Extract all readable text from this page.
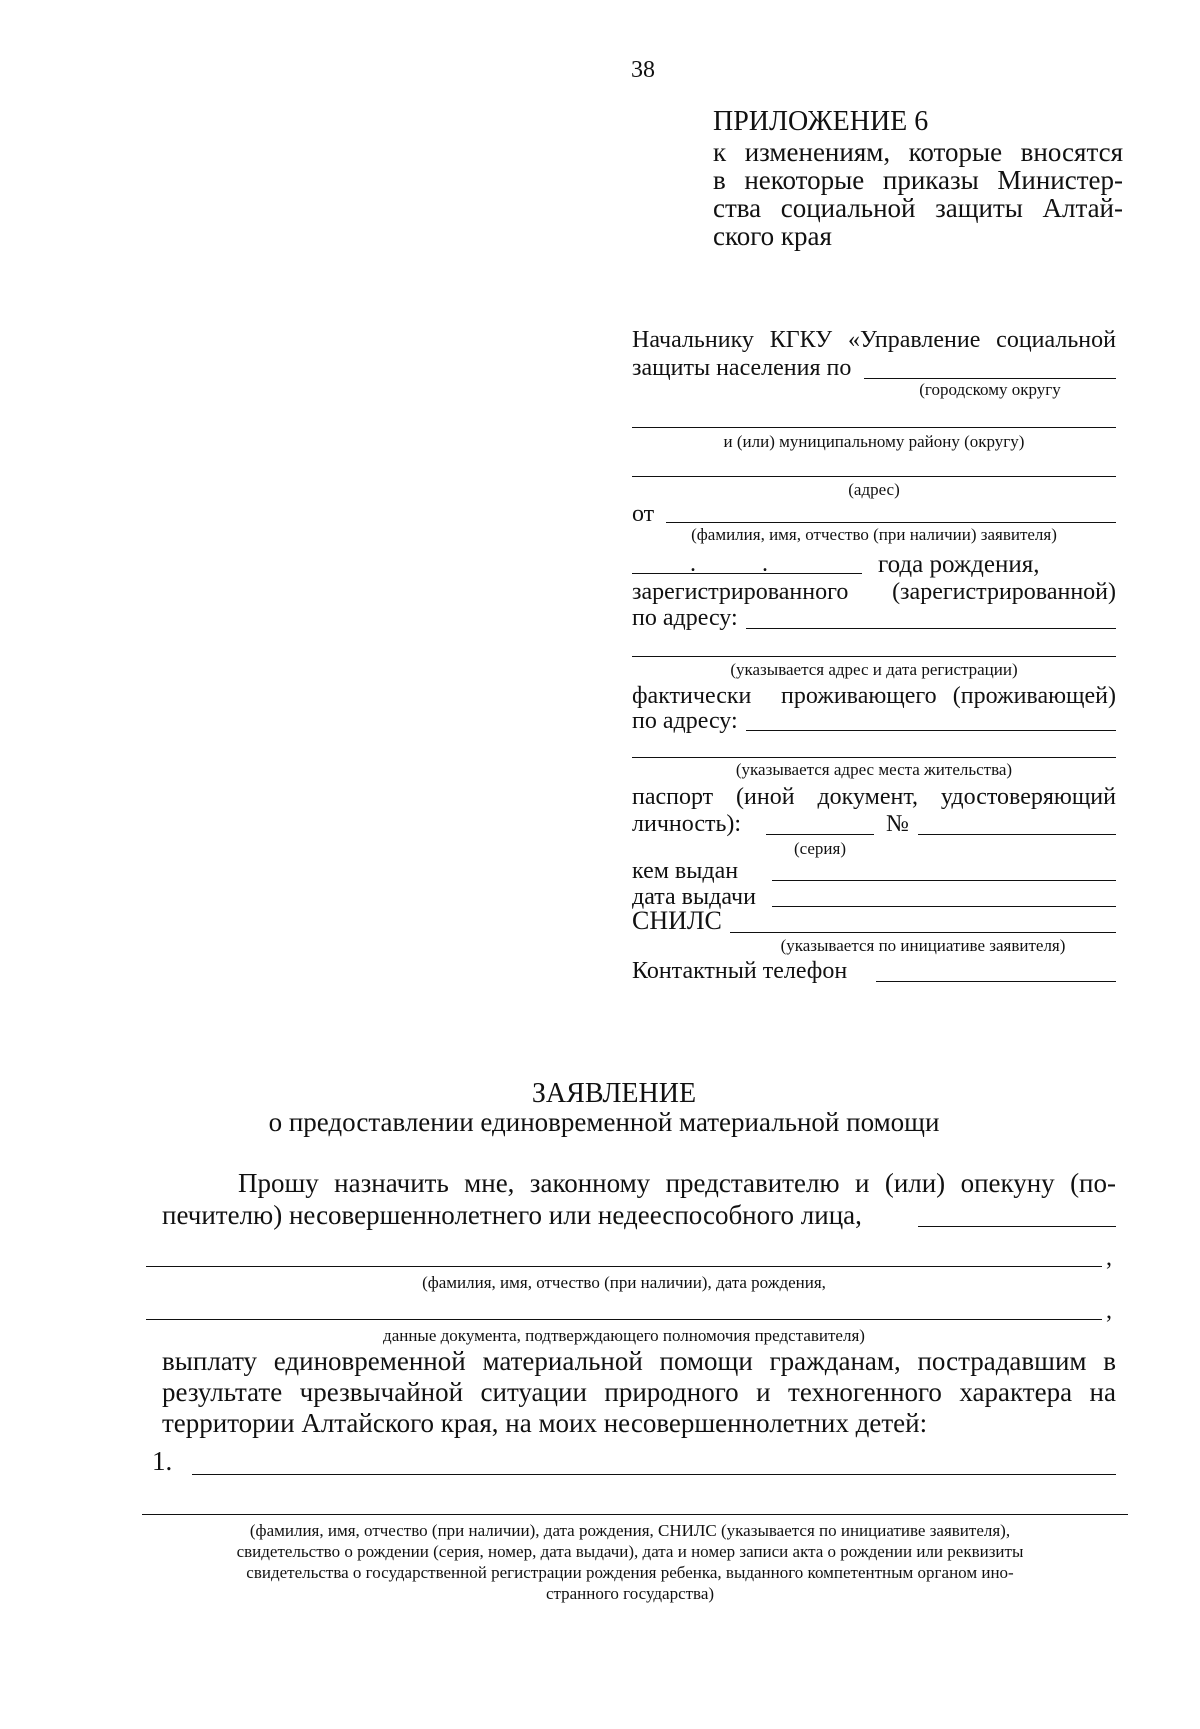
38
ПРИЛОЖЕНИЕ 6
к изменениям, которые вносятся
в некоторые приказы Министер-
ства социальной защиты Алтай-
ского края
Начальнику КГКУ «Управление социальной
защиты населения по
(городскому округу
и (или) муниципальному району (округу)
(адрес)
от
(фамилия, имя, отчество (при наличии) заявителя)
.           .	года рождения,
зарегистрированного (зарегистрированной)
по адресу:
(указывается адрес и дата регистрации)
фактически проживающего (проживающей)
по адресу:
(указывается адрес места жительства)
паспорт (иной документ, удостоверяющий
личность):	№
(серия)
кем выдан
дата выдачи
СНИЛС
(указывается по инициативе заявителя)
Контактный телефон
ЗАЯВЛЕНИЕ
о предоставлении единовременной материальной помощи
Прошу назначить мне, законному представителю и (или) опекуну (по-
печителю) несовершеннолетнего или недееспособного лица,
,
(фамилия, имя, отчество (при наличии), дата рождения,
,
данные документа, подтверждающего полномочия представителя)
выплату единовременной материальной помощи гражданам, пострадавшим в
результате чрезвычайной ситуации природного и техногенного характера на
территории Алтайского края, на моих несовершеннолетних детей:
1.
(фамилия, имя, отчество (при наличии), дата рождения, СНИЛС (указывается по инициативе заявителя),
свидетельство о рождении (серия, номер, дата выдачи), дата и номер записи акта о рождении или реквизиты
свидетельства о государственной регистрации рождения ребенка, выданного компетентным органом ино-
странного государства)
